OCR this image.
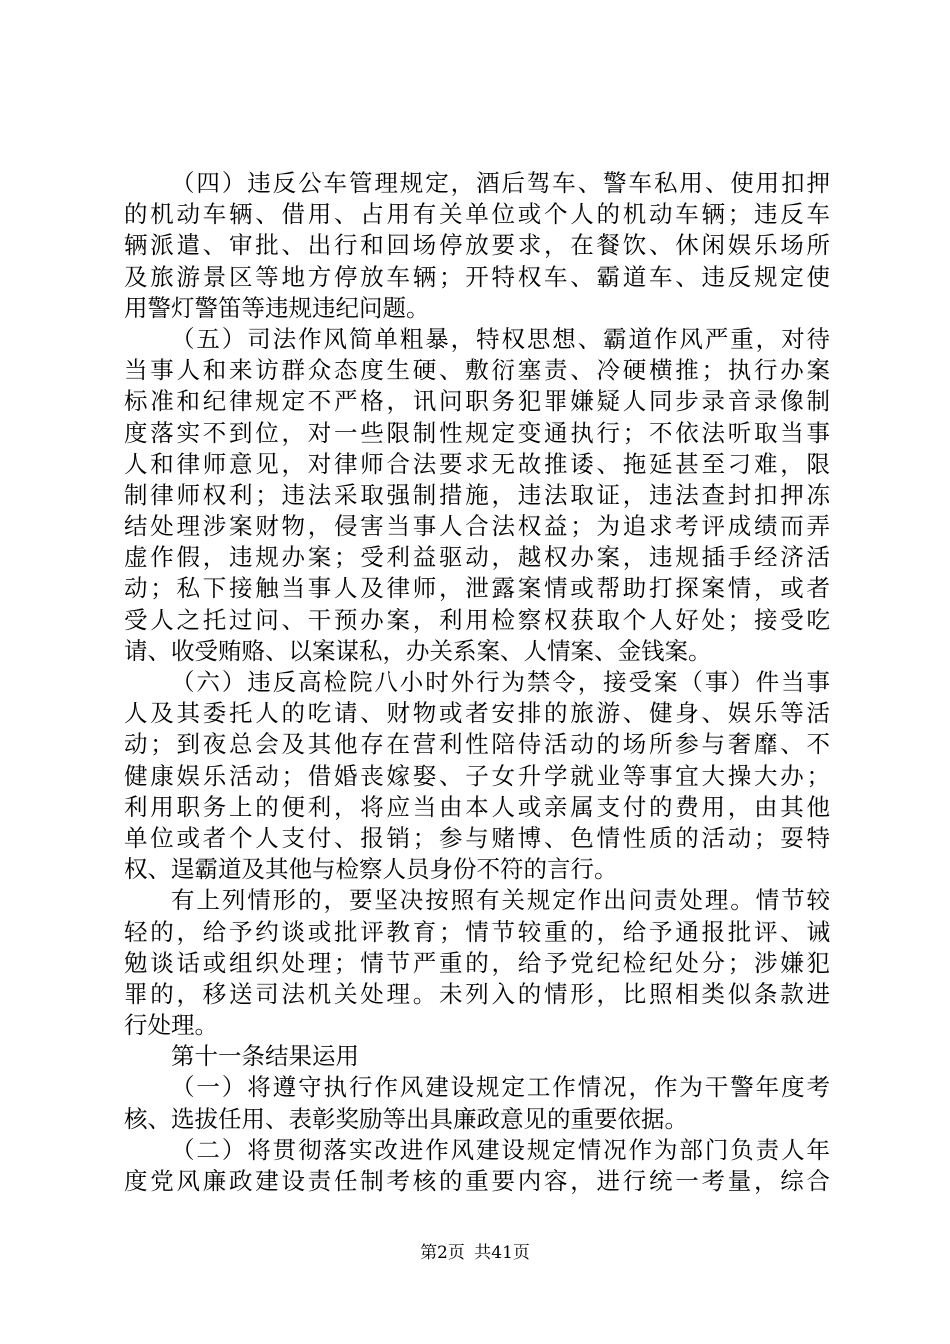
（四）违反公车管理规定，酒后驾车、警车私用、使用扣押
的机动车辆、借用、占用有关单位或个人的机动车辆；违反车
辆派遣、审批、出行和回场停放要求，在餐饮、休闲娱乐场所
及旅游景区等地方停放车辆；开特权车、霸道车、违反规定使
用警灯警笛等违规违纪问题。
（五）司法作风简单粗暴，特权思想、霸道作风严重，对待
当事人和来访群众态度生硬、敷衍塞责、冷硬横推；执行办案
标准和纪律规定不严格，讯问职务犯罪嫌疑人同步录音录像制
度落实不到位，对一些限制性规定变通执行；不依法听取当事
人和律师意见，对律师合法要求无故推诿、拖延甚至刁难，限
制律师权利；违法采取强制措施，违法取证，违法查封扣押冻
结处理涉案财物，侵害当事人合法权益；为追求考评成绩而弄
虚作假，违规办案；受利益驱动，越权办案，违规插手经济活
动；私下接触当事人及律师，泄露案情或帮助打探案情，或者
受人之托过问、干预办案，利用检察权获取个人好处；接受吃
请、收受贿赂、以案谋私，办关系案、人情案、金钱案。
（六）违反高检院八小时外行为禁令，接受案（事）件当事
人及其委托人的吃请、财物或者安排的旅游、健身、娱乐等活
动；到夜总会及其他存在营利性陪侍活动的场所参与奢靡、不
健康娱乐活动；借婚丧嫁娶、子女升学就业等事宜大操大办；
利用职务上的便利，将应当由本人或亲属支付的费用，由其他
单位或者个人支付、报销；参与赌博、色情性质的活动；耍特
权、逞霸道及其他与检察人员身份不符的言行。
有上列情形的，要坚决按照有关规定作出问责处理。情节较
轻的，给予约谈或批评教育；情节较重的，给予通报批评、诫
勉谈话或组织处理；情节严重的，给予党纪检纪处分；涉嫌犯
罪的，移送司法机关处理。未列入的情形，比照相类似条款进
行处理。
第十一条结果运用
（一）将遵守执行作风建设规定工作情况，作为干警年度考
核、选拔任用、表彰奖励等出具廉政意见的重要依据。
（二）将贯彻落实改进作风建设规定情况作为部门负责人年
度党风廉政建设责任制考核的重要内容，进行统一考量，综合
第2页 共41页
